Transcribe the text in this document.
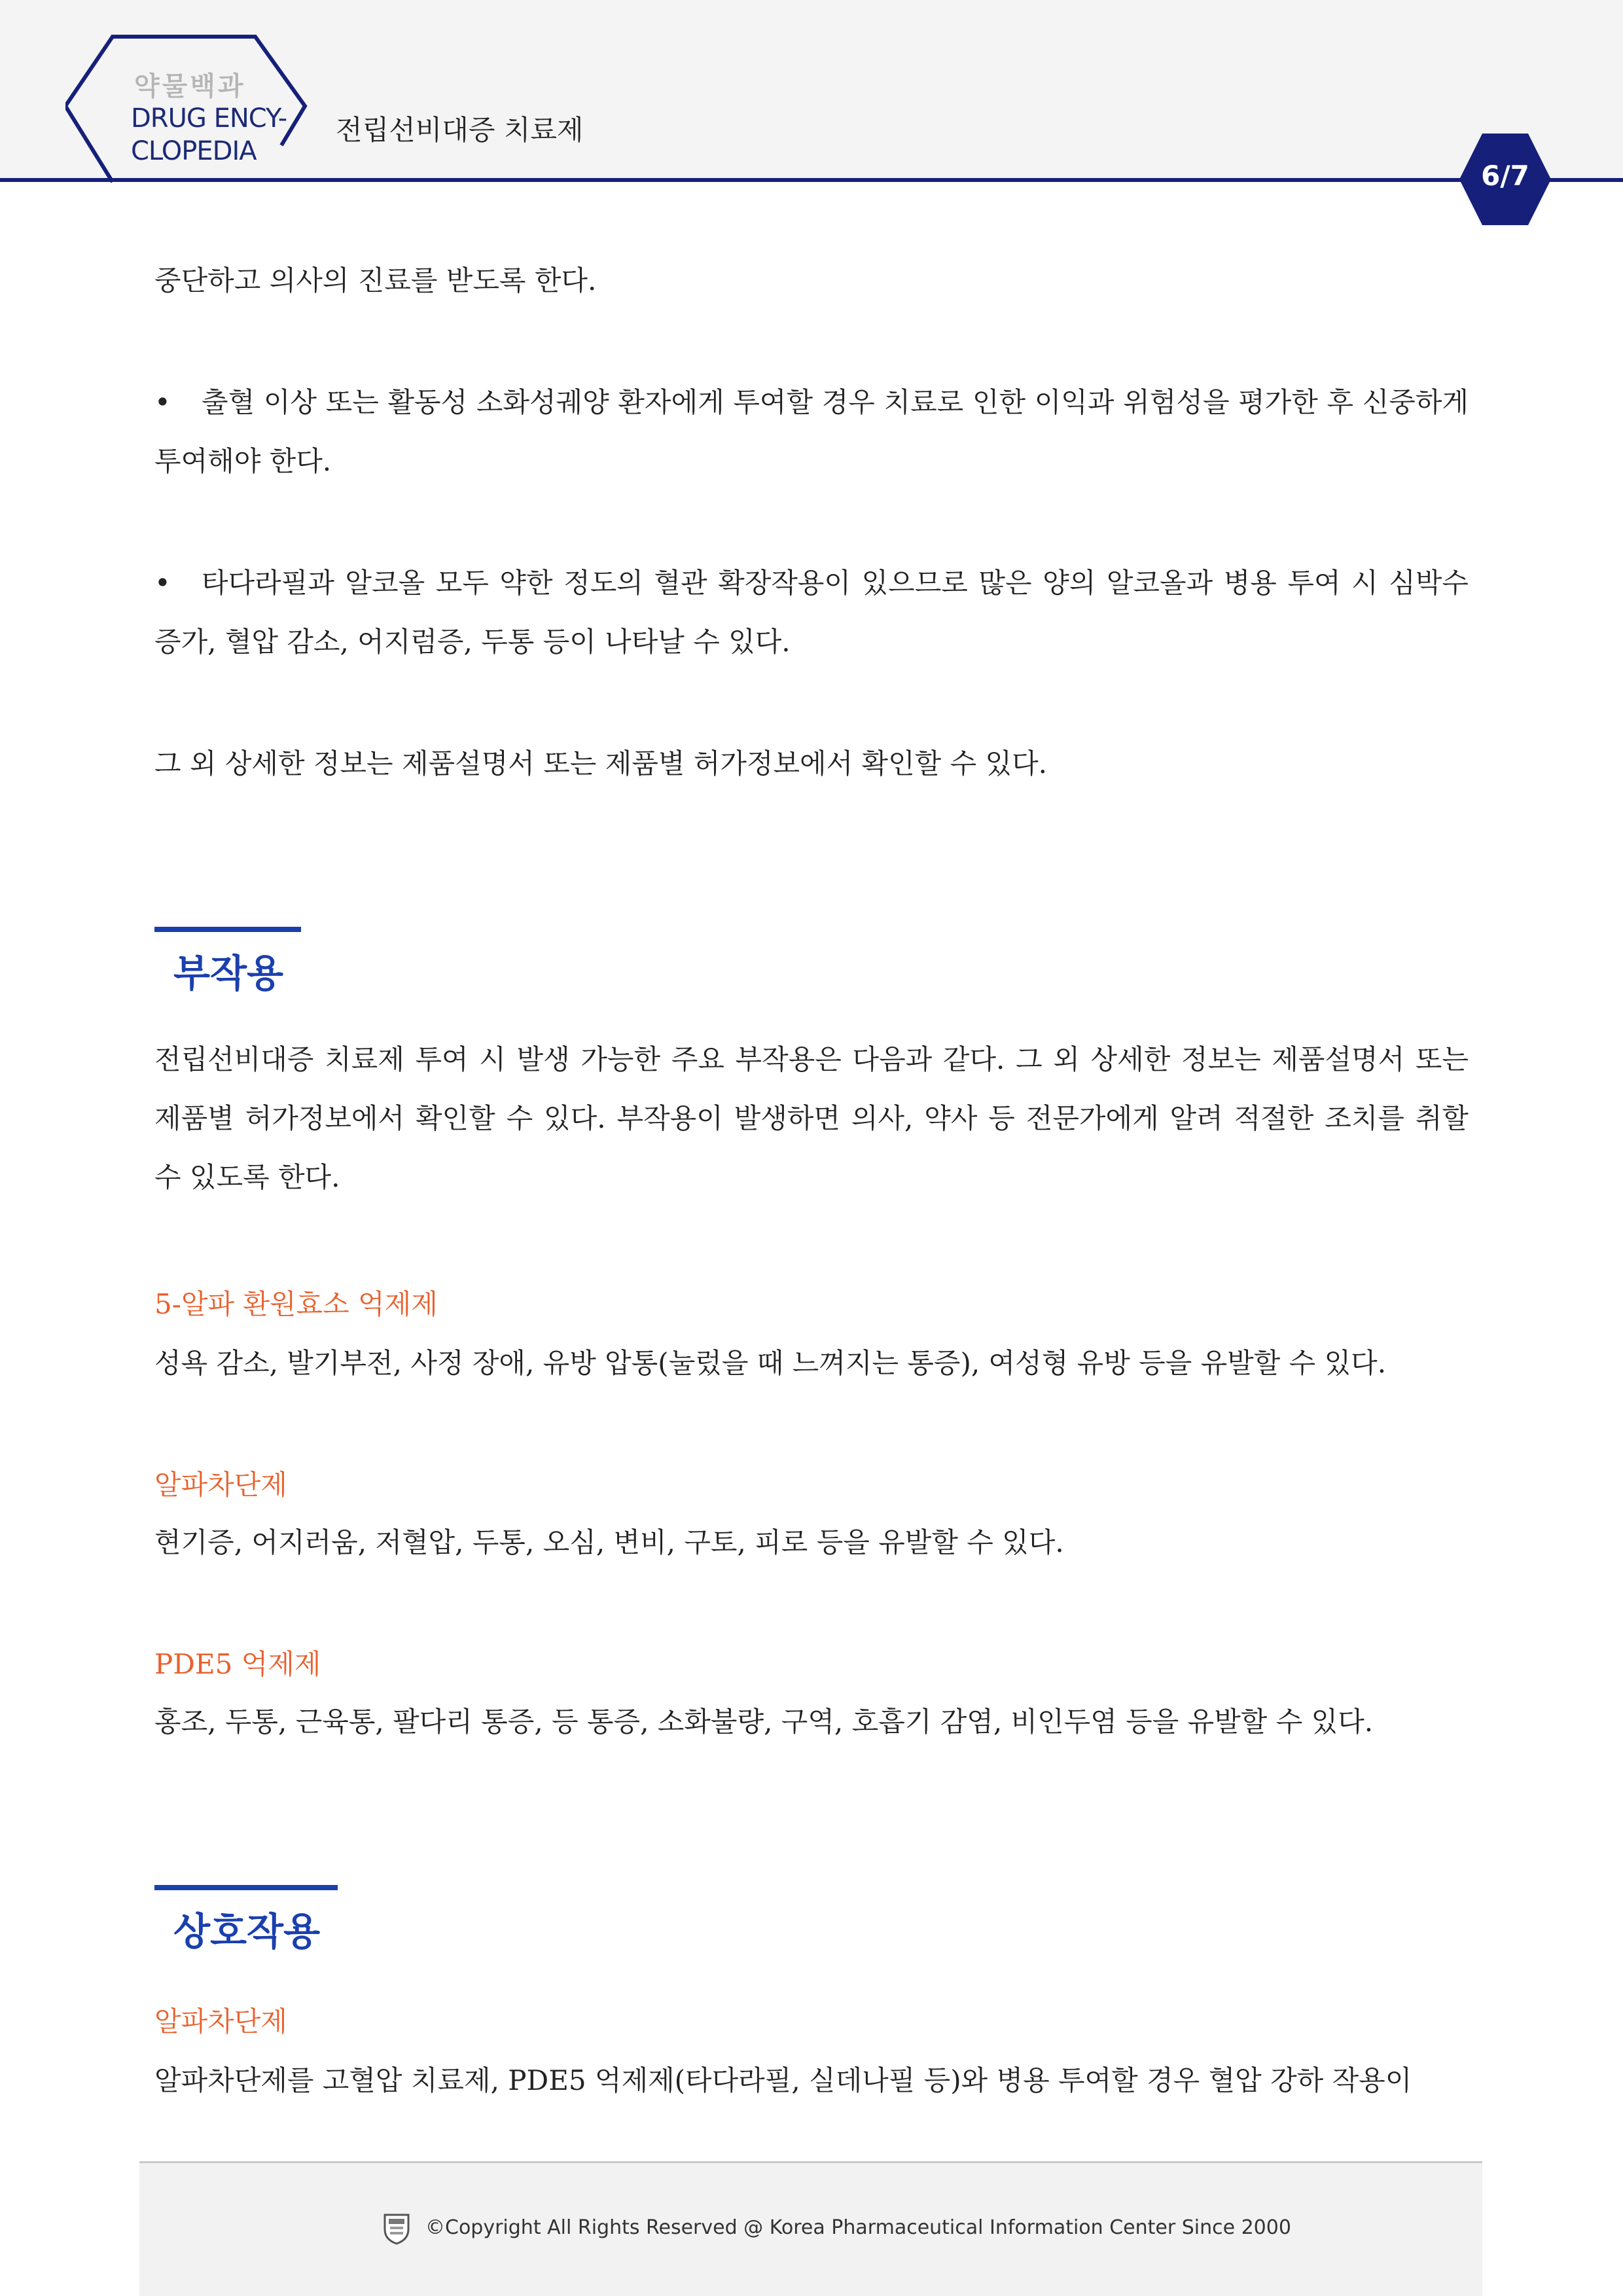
약물백과
DRUG ENCY-
CLOPEDIA
전립선비대증 치료제
6/7

중단하고 의사의 진료를 받도록 한다.

• 출혈 이상 또는 활동성 소화성궤양 환자에게 투여할 경우 치료로 인한 이익과 위험성을 평가한 후 신중하게 투여해야 한다.

• 타다라필과 알코올 모두 약한 정도의 혈관 확장작용이 있으므로 많은 양의 알코올과 병용 투여 시 심박수 증가, 혈압 감소, 어지럼증, 두통 등이 나타날 수 있다.

그 외 상세한 정보는 제품설명서 또는 제품별 허가정보에서 확인할 수 있다.

부작용

전립선비대증 치료제 투여 시 발생 가능한 주요 부작용은 다음과 같다. 그 외 상세한 정보는 제품설명서 또는 제품별 허가정보에서 확인할 수 있다. 부작용이 발생하면 의사, 약사 등 전문가에게 알려 적절한 조치를 취할 수 있도록 한다.

5-알파 환원효소 억제제

성욕 감소, 발기부전, 사정 장애, 유방 압통(눌렀을 때 느껴지는 통증), 여성형 유방 등을 유발할 수 있다.

알파차단제

현기증, 어지러움, 저혈압, 두통, 오심, 변비, 구토, 피로 등을 유발할 수 있다.

PDE5 억제제

홍조, 두통, 근육통, 팔다리 통증, 등 통증, 소화불량, 구역, 호흡기 감염, 비인두염 등을 유발할 수 있다.

상호작용
알파차단제

알파차단제를 고혈압 치료제, PDE5 억제제(타다라필, 실데나필 등)와 병용 투여할 경우 혈압 강하 작용이

©Copyright All Rights Reserved @ Korea Pharmaceutical Information Center Since 2000
